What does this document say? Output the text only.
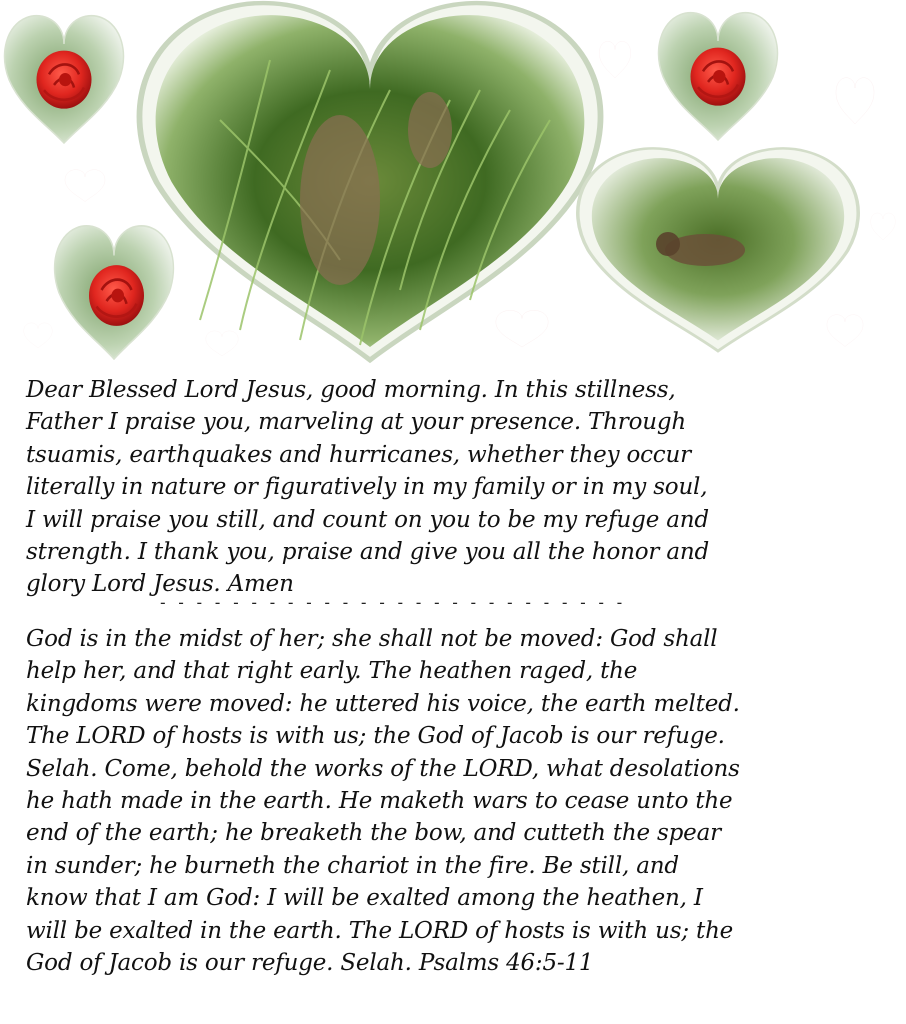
Dear Blessed Lord Jesus, good morning. In this stillness,
Father I praise you, marveling at your presence. Through
tsuamis, earthquakes and hurricanes, whether they occur
literally in nature or figuratively in my family or in my soul,
I will praise you still, and count on you to be my refuge and
strength. I thank you, praise and give you all the honor and
glory Lord Jesus. Amen
- - - - - - - - - - - - - - - - - - - - - - - - - -
God is in the midst of her; she shall not be moved: God shall
help her, and that right early. The heathen raged, the
kingdoms were moved: he uttered his voice, the earth melted.
The LORD of hosts is with us; the God of Jacob is our refuge.
Selah. Come, behold the works of the LORD, what desolations
he hath made in the earth. He maketh wars to cease unto the
end of the earth; he breaketh the bow, and cutteth the spear
in sunder; he burneth the chariot in the fire. Be still, and
know that I am God: I will be exalted among the heathen, I
will be exalted in the earth. The LORD of hosts is with us; the
God of Jacob is our refuge. Selah. Psalms 46:5-11
